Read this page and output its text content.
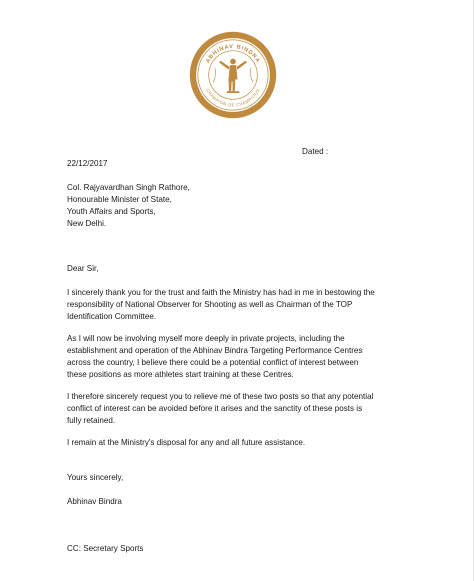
ABHINAV BINDRA
CHAMPION OF CHAMPIONS
Dated :
22/12/2017
Col. Rajyavardhan Singh Rathore,
Honourable Minister of State,
Youth Affairs and Sports,
New Delhi.
Dear Sir,
I sincerely thank you for the trust and faith the Ministry has had in me in bestowing the
responsibility of National Observer for Shooting as well as Chairman of the TOP
Identification Committee.
As I will now be involving myself more deeply in private projects, including the
establishment and operation of the Abhinav Bindra Targeting Performance Centres
across the country, I believe there could be a potential conflict of interest between
these positions as more athletes start training at these Centres.
I therefore sincerely request you to relieve me of these two posts so that any potential
conflict of interest can be avoided before it arises and the sanctity of these posts is
fully retained.
I remain at the Ministry's disposal for any and all future assistance.
Yours sincerely,
Abhinav Bindra
CC: Secretary Sports
